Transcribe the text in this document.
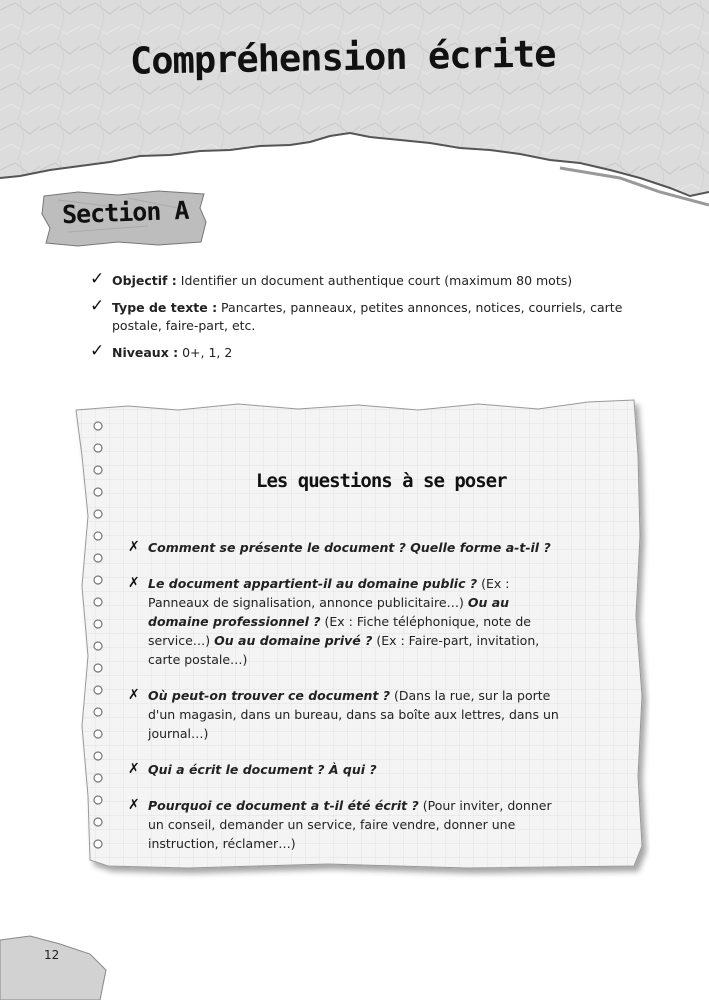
Compréhension écrite
Section A
✓ Objectif : Identifier un document authentique court (maximum 80 mots)
✓ Type de texte : Pancartes, panneaux, petites annonces, notices, courriels, carte postale, faire-part, etc.
✓ Niveaux : 0+, 1, 2
Les questions à se poser
✗ Comment se présente le document ? Quelle forme a-t-il ?
✗ Le document appartient-il au domaine public ? (Ex : Panneaux de signalisation, annonce publicitaire…) Ou au domaine professionnel ? (Ex : Fiche téléphonique, note de service…) Ou au domaine privé ? (Ex : Faire-part, invitation, carte postale…)
✗ Où peut-on trouver ce document ? (Dans la rue, sur la porte d'un magasin, dans un bureau, dans sa boîte aux lettres, dans un journal…)
✗ Qui a écrit le document ? À qui ?
✗ Pourquoi ce document a t-il été écrit ? (Pour inviter, donner un conseil, demander un service, faire vendre, donner une instruction, réclamer…)
12
